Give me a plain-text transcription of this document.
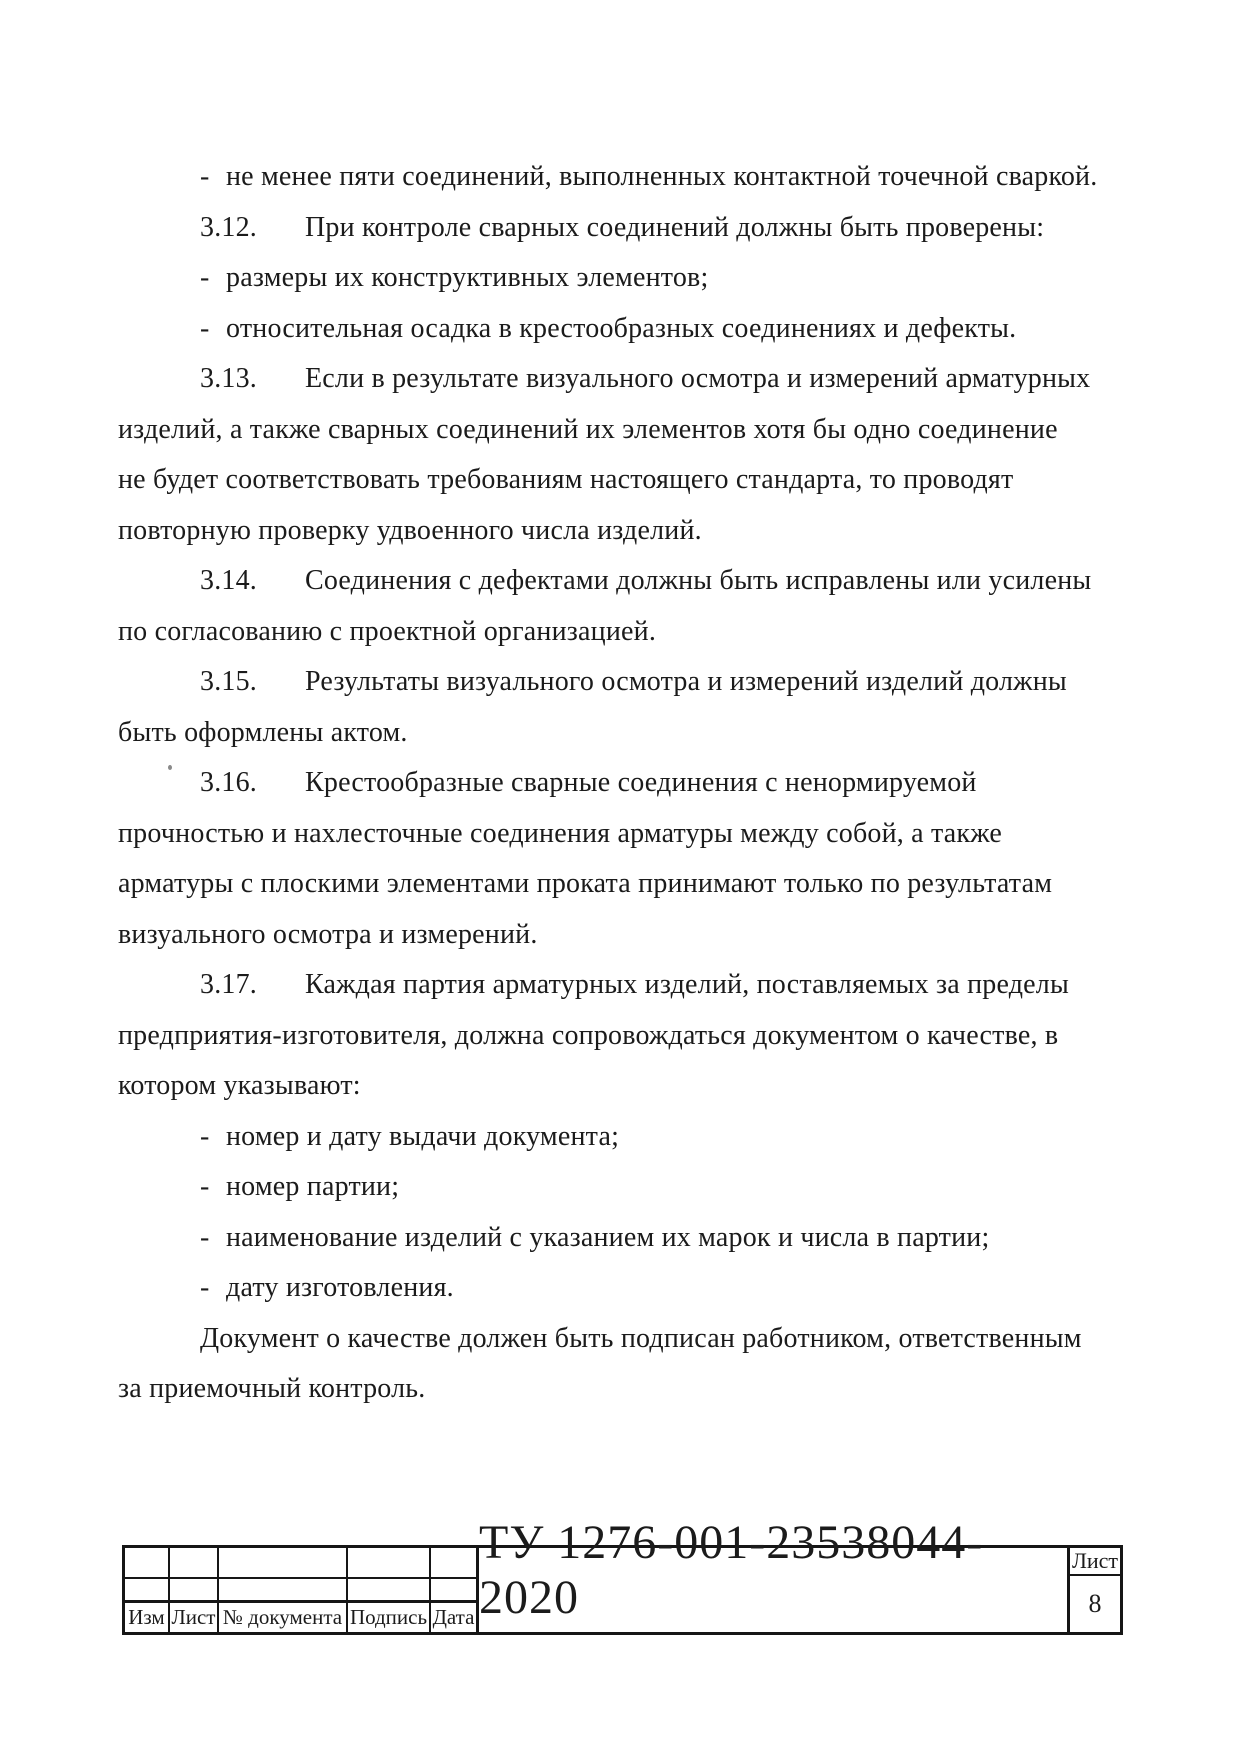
- не менее пяти соединений, выполненных контактной точечной сваркой.
3.12. При контроле сварных соединений должны быть проверены:
- размеры их конструктивных элементов;
- относительная осадка в крестообразных соединениях и дефекты.
3.13. Если в результате визуального осмотра и измерений арматурных
изделий, а также сварных соединений их элементов хотя бы одно соединение
не будет соответствовать требованиям настоящего стандарта, то проводят
повторную проверку удвоенного числа изделий.
3.14. Соединения с дефектами должны быть исправлены или усилены
по согласованию с проектной организацией.
3.15. Результаты визуального осмотра и измерений изделий должны
быть оформлены актом.
3.16. Крестообразные сварные соединения с ненормируемой
прочностью и нахлесточные соединения арматуры между собой, а также
арматуры с плоскими элементами проката принимают только по результатам
визуального осмотра и измерений.
3.17. Каждая партия арматурных изделий, поставляемых за пределы
предприятия-изготовителя, должна сопровождаться документом о качестве, в
котором указывают:
- номер и дату выдачи документа;
- номер партии;
- наименование изделий с указанием их марок и числа в партии;
- дату изготовления.
Документ о качестве должен быть подписан работником, ответственным
за приемочный контроль.
Изм Лист № документа Подпись Дата
ТУ 1276-001-23538044-2020
Лист
8
